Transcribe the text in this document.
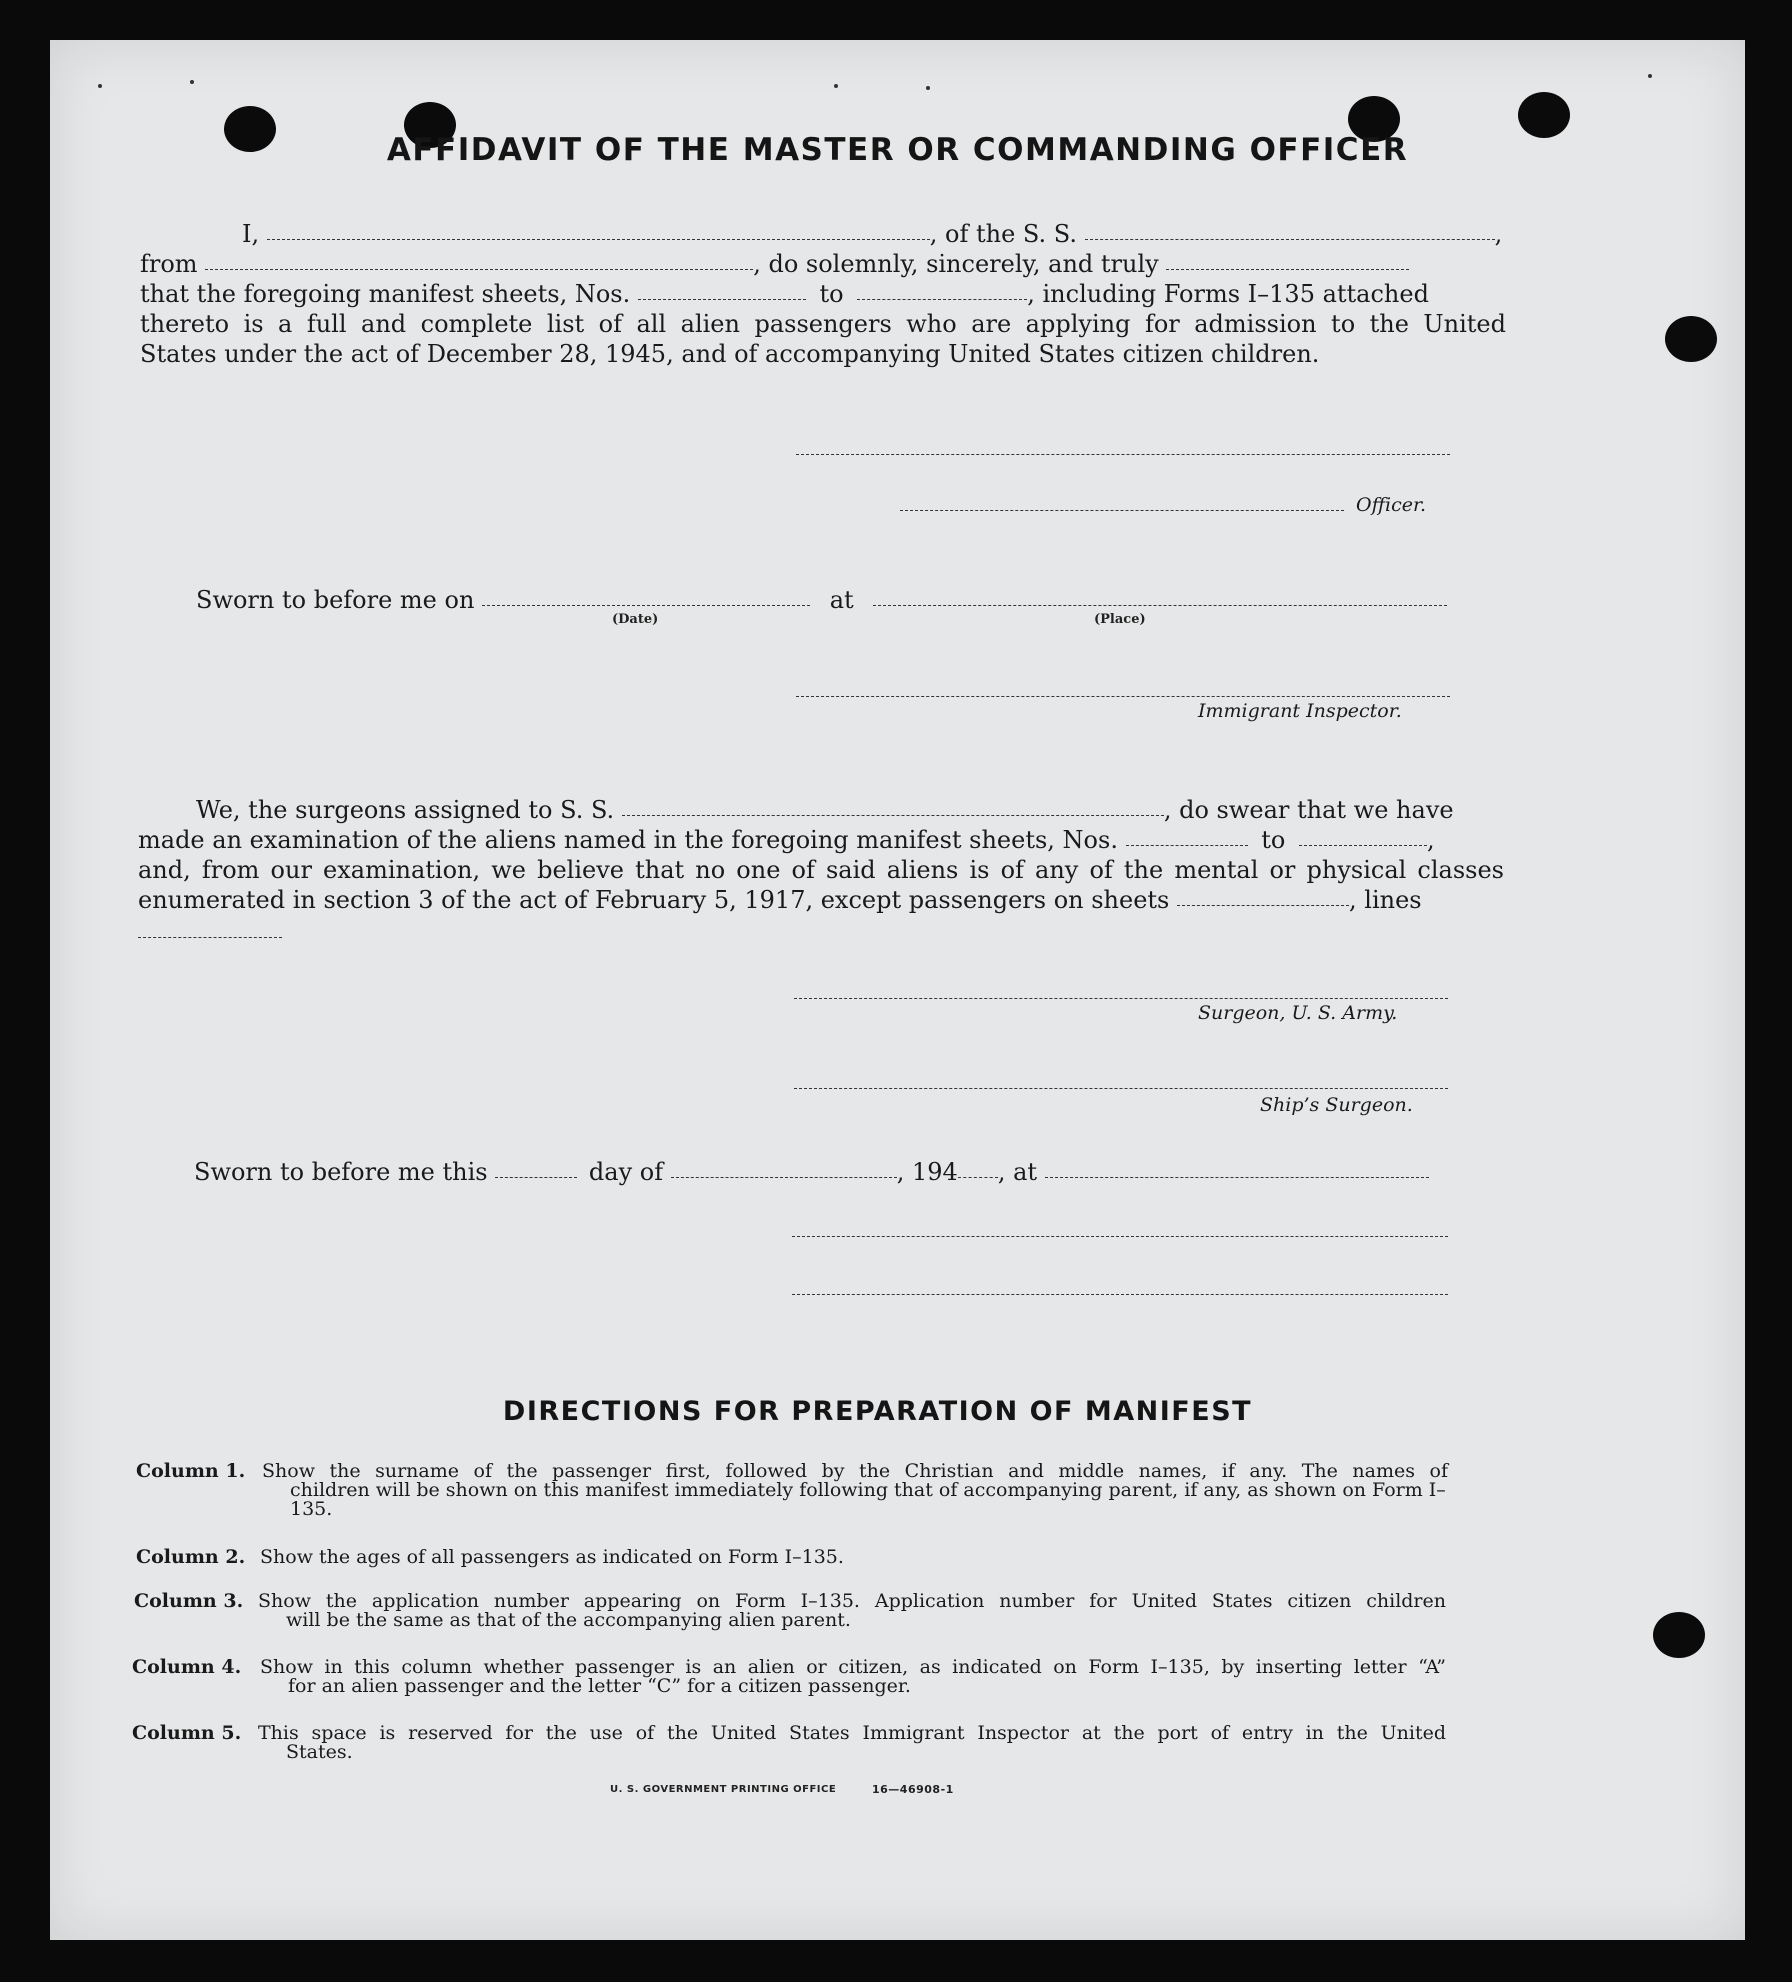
AFFIDAVIT OF THE MASTER OR COMMANDING OFFICER
I,	, of the S. S.	,
from	, do solemnly, sincerely, and truly
that the foregoing manifest sheets, Nos.	to	, including Forms I–135 attached
thereto is a full and complete list of all alien passengers who are applying for admission to the United
States under the act of December 28, 1945, and of accompanying United States citizen children.
Officer.
Sworn to before me on	at
(Date)	(Place)
Immigrant Inspector.
We, the surgeons assigned to S. S.	, do swear that we have
made an examination of the aliens named in the foregoing manifest sheets, Nos.	to	,
and, from our examination, we believe that no one of said aliens is of any of the mental or physical classes
enumerated in section 3 of the act of February 5, 1917, except passengers on sheets	, lines
Surgeon, U. S. Army.
Ship’s Surgeon.
Sworn to before me this	day of	, 194 , at
DIRECTIONS FOR PREPARATION OF MANIFEST
Column 1. Show the surname of the passenger first, followed by the Christian and middle names, if any. The names of
children will be shown on this manifest immediately following that of accompanying parent, if any, as shown on Form I–135.
Column 2. Show the ages of all passengers as indicated on Form I–135.
Column 3. Show the application number appearing on Form I–135. Application number for United States citizen children
will be the same as that of the accompanying alien parent.
Column 4. Show in this column whether passenger is an alien or citizen, as indicated on Form I–135, by inserting letter “A”
for an alien passenger and the letter “C” for a citizen passenger.
Column 5. This space is reserved for the use of the United States Immigrant Inspector at the port of entry in the United
States.
U. S. GOVERNMENT PRINTING OFFICE	16—46908-1
